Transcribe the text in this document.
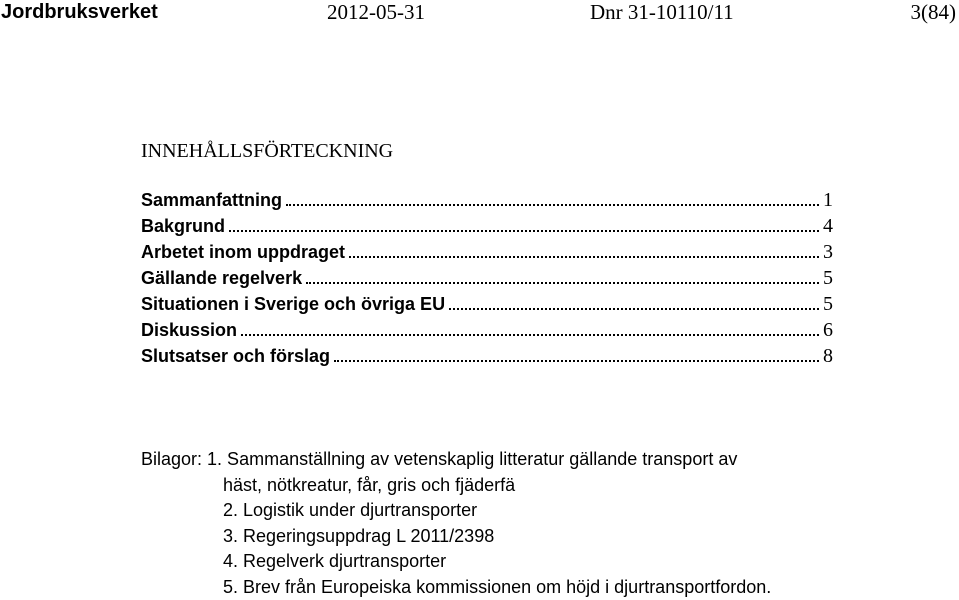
Jordbruksverket	2012-05-31	Dnr 31-10110/11	3(84)
INNEHÅLLSFÖRTECKNING
Sammanfattning	1
Bakgrund	4
Arbetet inom uppdraget	3
Gällande regelverk	5
Situationen i Sverige och övriga EU	5
Diskussion	6
Slutsatser och förslag	8
Bilagor: 1. Sammanställning av vetenskaplig litteratur gällande transport av
häst, nötkreatur, får, gris och fjäderfä
2. Logistik under djurtransporter
3. Regeringsuppdrag L 2011/2398
4. Regelverk djurtransporter
5. Brev från Europeiska kommissionen om höjd i djurtransportfordon.
